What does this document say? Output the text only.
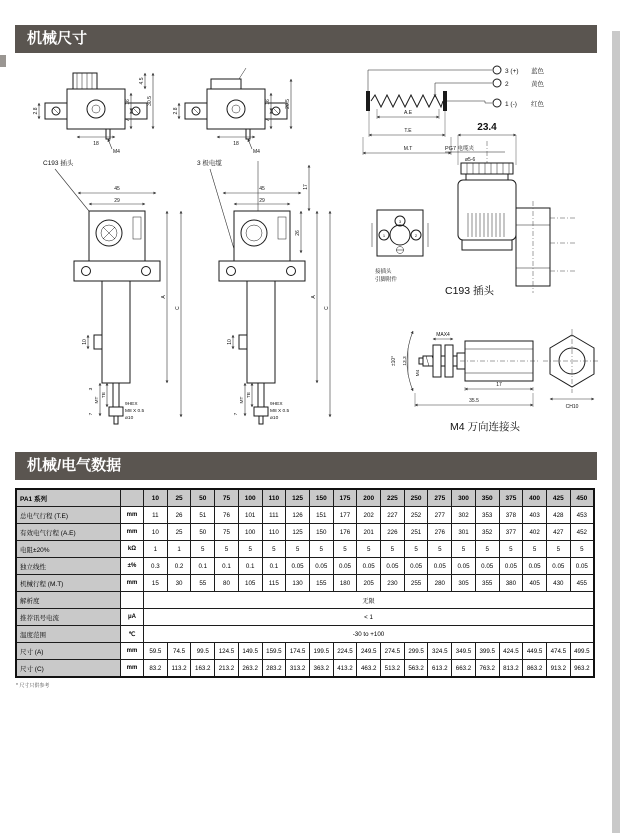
机械尺寸
2.8
18
M4
16
7
4.5
30.5
2.8
18
M4
16
7
26.5
C193 插头
45
29
10
A
C
TE
MT
3
7
9HEX
M8 X 0.5
ø10
3 极电缆
45
29
10
17
26
A
C
TE
MT
7
9HEX
M8 X 0.5
ø10
3 (+) 蓝色
2	黄色
1 (-) 红色
A.E
T.E
M.T
23.4
PG7 电缆夹
ø5-6
C193 插头
1	2
3
接插头
引脚附件
±10° 13.3
MAX4
M4
17
35.5
CH10
M4 万向连接头
机械/电气数据
PA1 系列		10	25	50	75	100	110	125	150	175	200	225	250	275	300	350	375	400	425	450
总电气行程 (T.E)	mm	11	26	51	76	101	111	126	151	177	202	227	252	277	302	353	378	403	428	453
有效电气行程 (A.E)	mm	10	25	50	75	100	110	125	150	176	201	226	251	276	301	352	377	402	427	452
电阻±20%	kΩ	1	1	5	5	5	5	5	5	5	5	5	5	5	5	5	5	5	5	5
独立线性	±%	0.3	0.2	0.1	0.1	0.1	0.1	0.05	0.05	0.05	0.05	0.05	0.05	0.05	0.05	0.05	0.05	0.05	0.05	0.05
机械行程 (M.T)	mm	15	30	55	80	105	115	130	155	180	205	230	255	280	305	355	380	405	430	455
解析度		无限																		
推荐讯号电流	μA	< 1																		
温度范围	℃	-30 to +100																		
尺寸 (A)	mm	59.5	74.5	99.5	124.5	149.5	159.5	174.5	199.5	224.5	249.5	274.5	299.5	324.5	349.5	399.5	424.5	449.5	474.5	499.5
尺寸 (C)	mm	83.2	113.2	163.2	213.2	263.2	283.2	313.2	363.2	413.2	463.2	513.2	563.2	613.2	663.2	763.2	813.2	863.2	913.2	963.2
* 尺寸只供参考
